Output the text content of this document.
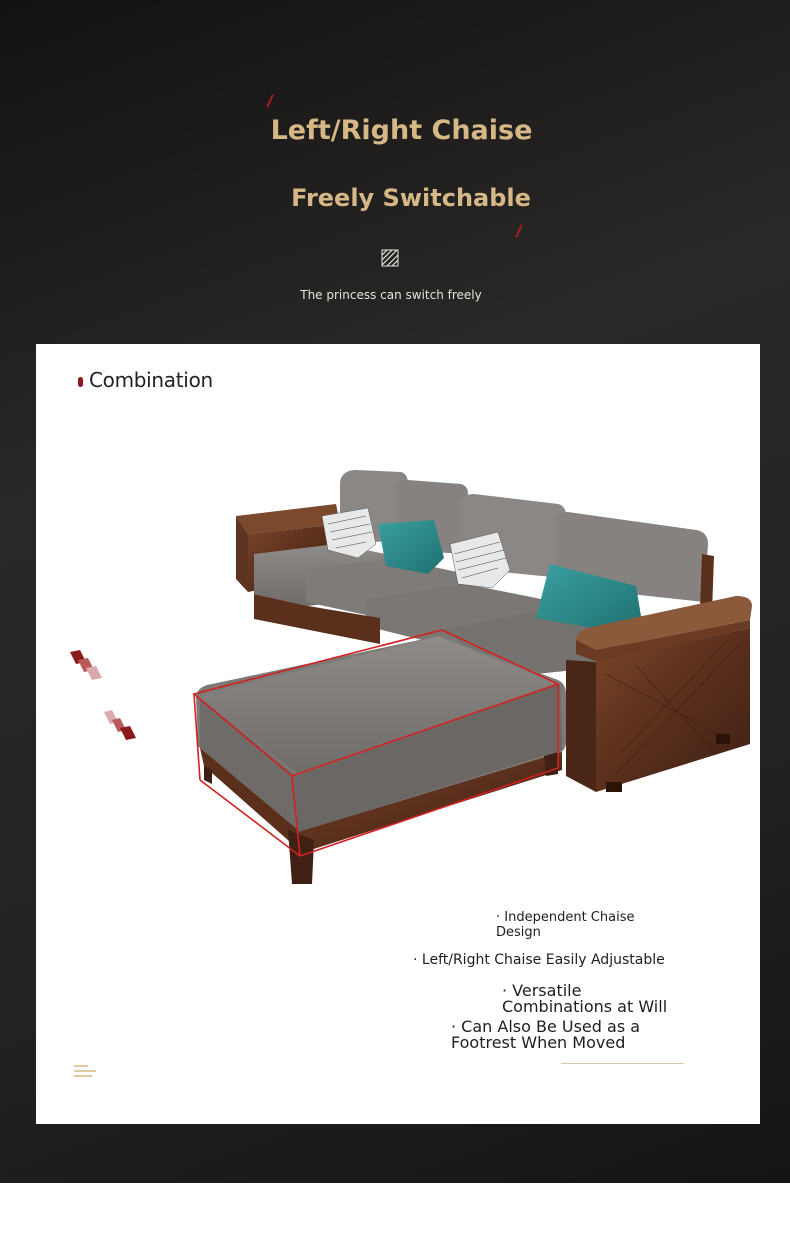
Left/Right Chaise
Freely Switchable
The princess can switch freely
Combination
· Independent Chaise
Design
· Left/Right Chaise Easily Adjustable
· Versatile
Combinations at Will
· Can Also Be Used as a
Footrest When Moved
